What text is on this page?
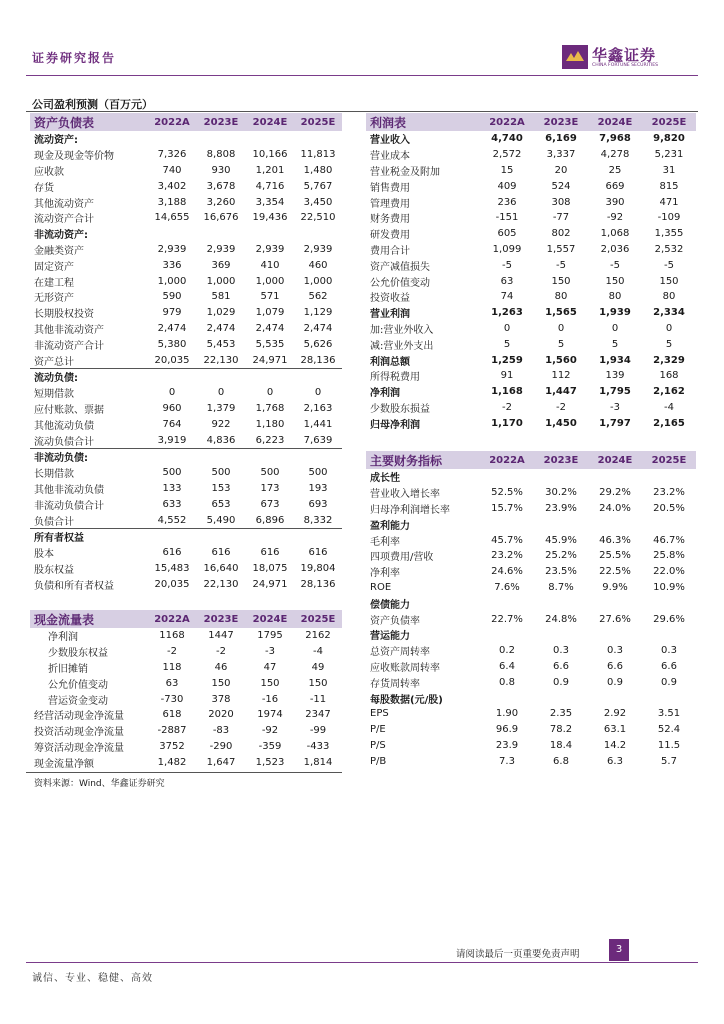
证券研究报告	华鑫证券
CHINA FORTUNE SECURITIES
公司盈利预测（百万元）
资产负债表	2022A	2023E	2024E	2025E
流动资产:				
现金及现金等价物	7,326	8,808	10,166	11,813
应收款	740	930	1,201	1,480
存货	3,402	3,678	4,716	5,767
其他流动资产	3,188	3,260	3,354	3,450
流动资产合计	14,655	16,676	19,436	22,510
非流动资产:				
金融类资产	2,939	2,939	2,939	2,939
固定资产	336	369	410	460
在建工程	1,000	1,000	1,000	1,000
无形资产	590	581	571	562
长期股权投资	979	1,029	1,079	1,129
其他非流动资产	2,474	2,474	2,474	2,474
非流动资产合计	5,380	5,453	5,535	5,626
资产总计	20,035	22,130	24,971	28,136
流动负债:				
短期借款	0	0	0	0
应付账款、票据	960	1,379	1,768	2,163
其他流动负债	764	922	1,180	1,441
流动负债合计	3,919	4,836	6,223	7,639
非流动负债:				
长期借款	500	500	500	500
其他非流动负债	133	153	173	193
非流动负债合计	633	653	673	693
负债合计	4,552	5,490	6,896	8,332
所有者权益				
股本	616	616	616	616
股东权益	15,483	16,640	18,075	19,804
负债和所有者权益	20,035	22,130	24,971	28,136
现金流量表	2022A	2023E	2024E	2025E
净利润	1168	1447	1795	2162
少数股东权益	-2	-2	-3	-4
折旧摊销	118	46	47	49
公允价值变动	63	150	150	150
营运资金变动	-730	378	-16	-11
经营活动现金净流量	618	2020	1974	2347
投资活动现金净流量	-2887	-83	-92	-99
筹资活动现金净流量	3752	-290	-359	-433
现金流量净额	1,482	1,647	1,523	1,814
利润表	2022A	2023E	2024E	2025E
营业收入	4,740	6,169	7,968	9,820
营业成本	2,572	3,337	4,278	5,231
营业税金及附加	15	20	25	31
销售费用	409	524	669	815
管理费用	236	308	390	471
财务费用	-151	-77	-92	-109
研发费用	605	802	1,068	1,355
费用合计	1,099	1,557	2,036	2,532
资产减值损失	-5	-5	-5	-5
公允价值变动	63	150	150	150
投资收益	74	80	80	80
营业利润	1,263	1,565	1,939	2,334
加:营业外收入	0	0	0	0
减:营业外支出	5	5	5	5
利润总额	1,259	1,560	1,934	2,329
所得税费用	91	112	139	168
净利润	1,168	1,447	1,795	2,162
少数股东损益	-2	-2	-3	-4
归母净利润	1,170	1,450	1,797	2,165
主要财务指标	2022A	2023E	2024E	2025E
成长性				
营业收入增长率	52.5%	30.2%	29.2%	23.2%
归母净利润增长率	15.7%	23.9%	24.0%	20.5%
盈利能力				
毛利率	45.7%	45.9%	46.3%	46.7%
四项费用/营收	23.2%	25.2%	25.5%	25.8%
净利率	24.6%	23.5%	22.5%	22.0%
ROE	7.6%	8.7%	9.9%	10.9%
偿债能力				
资产负债率	22.7%	24.8%	27.6%	29.6%
营运能力				
总资产周转率	0.2	0.3	0.3	0.3
应收账款周转率	6.4	6.6	6.6	6.6
存货周转率	0.8	0.9	0.9	0.9
每股数据(元/股)				
EPS	1.90	2.35	2.92	3.51
P/E	96.9	78.2	63.1	52.4
P/S	23.9	18.4	14.2	11.5
P/B	7.3	6.8	6.3	5.7
资料来源：Wind、华鑫证券研究
请阅读最后一页重要免责声明	3
诚信、专业、稳健、高效
